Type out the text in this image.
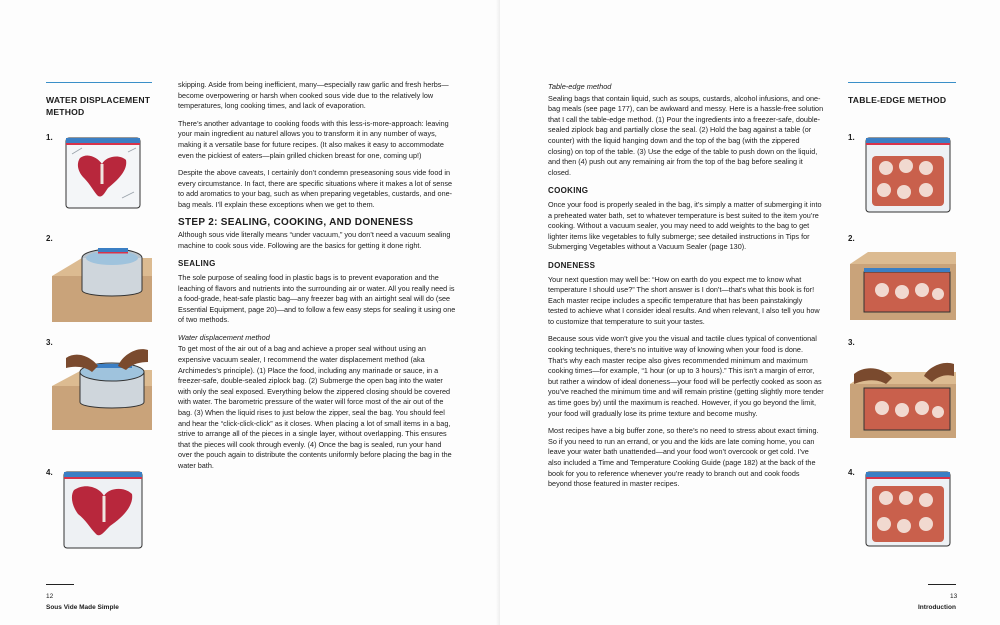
WATER DISPLACEMENT METHOD
1.
2.
3.
4.

skipping. Aside from being inefficient, many—especially raw garlic and fresh herbs—become overpowering or harsh when cooked sous vide due to the relatively low temperatures, long cooking times, and lack of evaporation.

There’s another advantage to cooking foods with this less-is-more-approach: leaving your main ingredient au naturel allows you to transform it in any number of ways, making it a versatile base for future recipes. (It also makes it easy to accommodate even the pickiest of eaters—plain grilled chicken breast for one, coming up!)

Despite the above caveats, I certainly don’t condemn preseasoning sous vide food in every circumstance. In fact, there are specific situations where it makes a lot of sense to add aromatics to your bag, such as when preparing vegetables, custards, and one-bag meals. I’ll explain these exceptions when we get to them.

STEP 2: SEALING, COOKING, AND DONENESS

Although sous vide literally means “under vacuum,” you don’t need a vacuum sealing machine to cook sous vide. Following are the basics for getting it done right.

SEALING

The sole purpose of sealing food in plastic bags is to prevent evaporation and the leaching of flavors and nutrients into the surrounding air or water. All you really need is a food-grade, heat-safe plastic bag—any freezer bag with an airtight seal will do (see Essential Equipment, page 20)—and to follow a few easy steps for sealing it using one of two methods.

Water displacement method

To get most of the air out of a bag and achieve a proper seal without using an expensive vacuum sealer, I recommend the water displacement method (aka Archimedes’s principle). (1) Place the food, including any marinade or sauce, in a freezer-safe, double-sealed ziplock bag. (2) Submerge the open bag into the water with only the seal exposed. Everything below the zippered closing should be covered with water. The barometric pressure of the water will force most of the air out of the bag. (3) When the liquid rises to just below the zipper, seal the bag. You should feel and hear the “click-click-click” as it closes. When placing a lot of small items in a bag, strive to arrange all of the pieces in a single layer, without overlapping. This ensures that the pieces will cook through evenly. (4) Once the bag is sealed, run your hand over the pouch again to distribute the contents uniformly before placing the bag in the water bath.

12
Sous Vide Made Simple
Table-edge method

Sealing bags that contain liquid, such as soups, custards, alcohol infusions, and one-bag meals (see page 177), can be awkward and messy. Here is a hassle-free solution that I call the table-edge method. (1) Pour the ingredients into a freezer-safe, double-sealed ziplock bag and partially close the seal. (2) Hold the bag against a table (or counter) with the liquid hanging down and the top of the bag (with the zippered closing) on top of the table. (3) Use the edge of the table to push down on the liquid, and then (4) push out any remaining air from the top of the bag before sealing it closed.

COOKING

Once your food is properly sealed in the bag, it’s simply a matter of submerging it into a preheated water bath, set to whatever temperature is best suited to the item you’re cooking. Without a vacuum sealer, you may need to add weights to the bag to get lighter items like vegetables to fully submerge; see detailed instructions in Tips for Submerging Vegetables without a Vacuum Sealer (page 130).

DONENESS

Your next question may well be: “How on earth do you expect me to know what temperature I should use?” The short answer is I don’t—that’s what this book is for! Each master recipe includes a specific temperature that has been painstakingly tested to achieve what I consider ideal results. And when relevant, I also tell you how to customize that temperature to suit your tastes.

Because sous vide won’t give you the visual and tactile clues typical of conventional cooking techniques, there’s no intuitive way of knowing when your food is done. That’s why each master recipe also gives recommended minimum and maximum cooking times—for example, “1 hour (or up to 3 hours).” This isn’t a margin of error, but rather a window of ideal doneness—your food will be perfectly cooked as soon as you’ve reached the minimum time and will remain pristine (getting slightly more tender as time goes by) until the maximum is reached. However, if you go beyond the limit, your food will gradually lose its prime texture and become mushy.

Most recipes have a big buffer zone, so there’s no need to stress about exact timing. So if you need to run an errand, or you and the kids are late coming home, you can leave your water bath unattended—and your food won’t overcook or get cold. I’ve also included a Time and Temperature Cooking Guide (page 182) at the back of the book for you to reference whenever you’re ready to branch out and cook foods beyond those featured in master recipes.

TABLE-EDGE METHOD
1.
2.
3.
4.
13
Introduction
